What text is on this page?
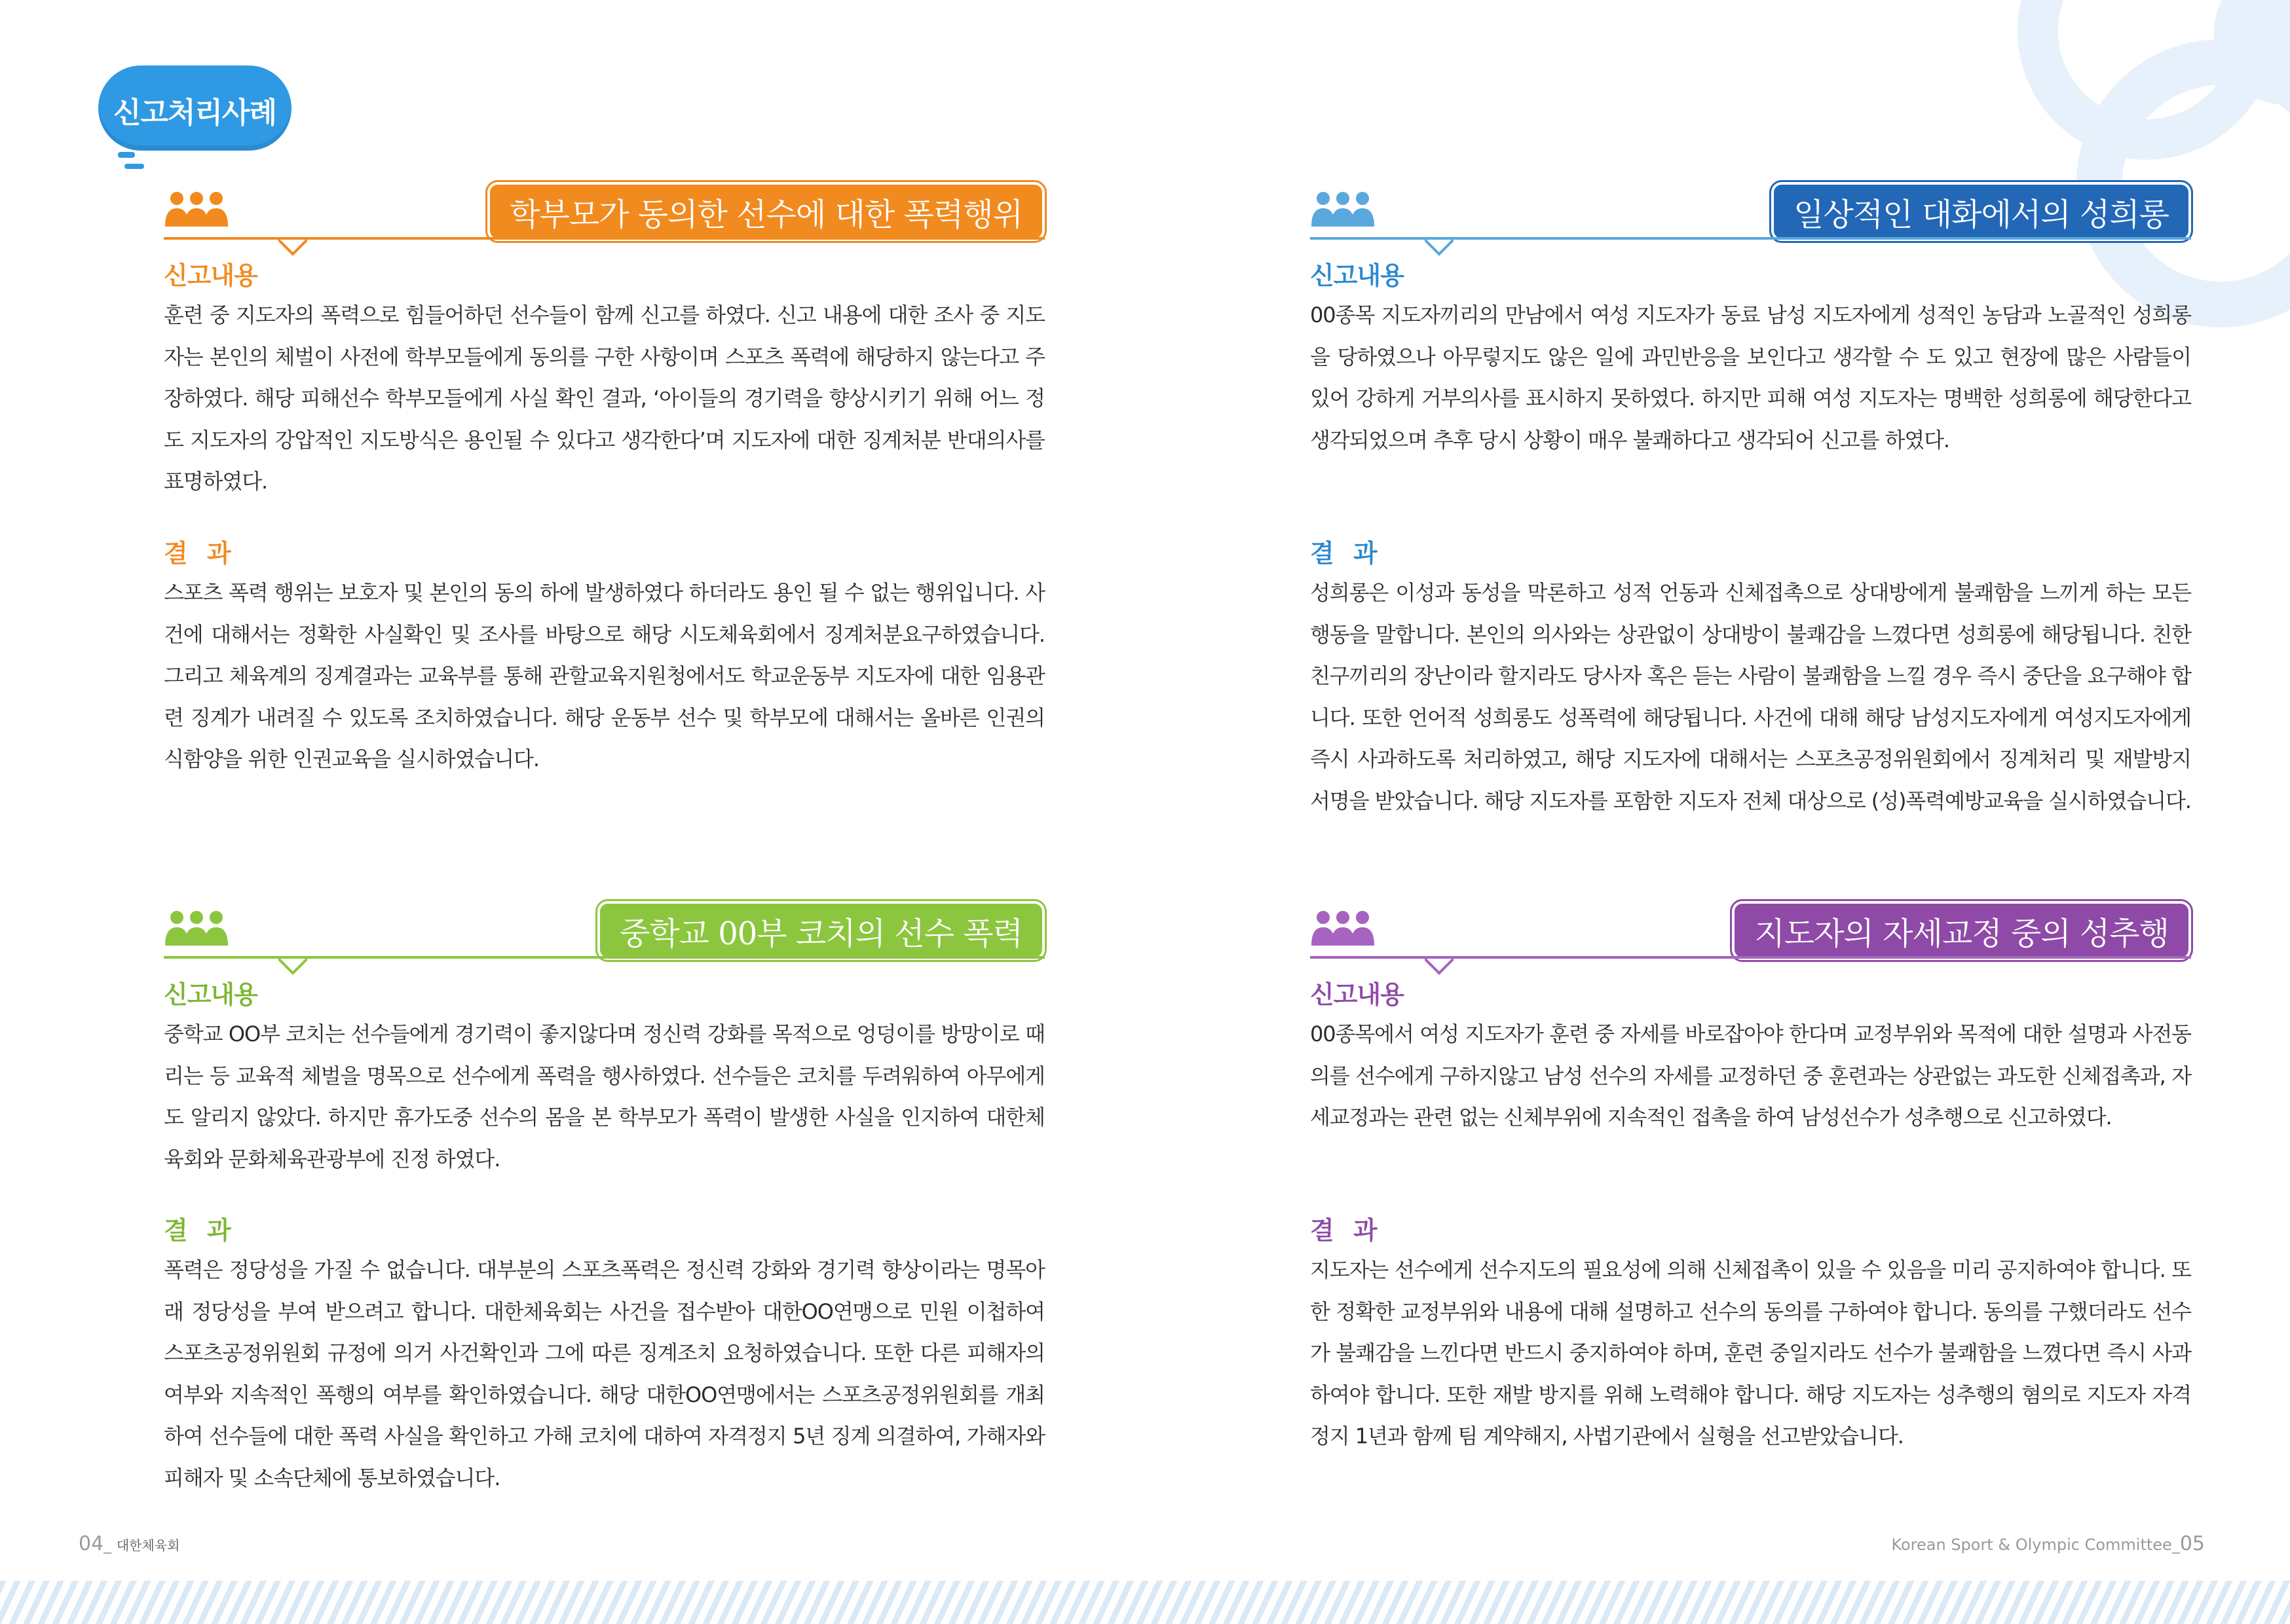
신고처리사례
학부모가 동의한 선수에 대한 폭력행위
신고내용

훈련 중 지도자의 폭력으로 힘들어하던 선수들이 함께 신고를 하였다. 신고 내용에 대한 조사 중 지도자는 본인의 체벌이 사전에 학부모들에게 동의를 구한 사항이며 스포츠 폭력에 해당하지 않는다고 주장하였다. 해당 피해선수 학부모들에게 사실 확인 결과, ‘아이들의 경기력을 향상시키기 위해 어느 정도 지도자의 강압적인 지도방식은 용인될 수 있다고 생각한다’며 지도자에 대한 징계처분 반대의사를 표명하였다.

결 과

스포츠 폭력 행위는 보호자 및 본인의 동의 하에 발생하였다 하더라도 용인 될 수 없는 행위입니다. 사건에 대해서는 정확한 사실확인 및 조사를 바탕으로 해당 시도체육회에서 징계처분요구하였습니다. 그리고 체육계의 징계결과는 교육부를 통해 관할교육지원청에서도 학교운동부 지도자에 대한 임용관련 징계가 내려질 수 있도록 조치하였습니다. 해당 운동부 선수 및 학부모에 대해서는 올바른 인권의식함양을 위한 인권교육을 실시하였습니다.

일상적인 대화에서의 성희롱
신고내용

00종목 지도자끼리의 만남에서 여성 지도자가 동료 남성 지도자에게 성적인 농담과 노골적인 성희롱을 당하였으나 아무렇지도 않은 일에 과민반응을 보인다고 생각할 수 도 있고 현장에 많은 사람들이 있어 강하게 거부의사를 표시하지 못하였다. 하지만 피해 여성 지도자는 명백한 성희롱에 해당한다고 생각되었으며 추후 당시 상황이 매우 불쾌하다고 생각되어 신고를 하였다.

결 과

성희롱은 이성과 동성을 막론하고 성적 언동과 신체접촉으로 상대방에게 불쾌함을 느끼게 하는 모든 행동을 말합니다. 본인의 의사와는 상관없이 상대방이 불쾌감을 느꼈다면 성희롱에 해당됩니다. 친한 친구끼리의 장난이라 할지라도 당사자 혹은 듣는 사람이 불쾌함을 느낄 경우 즉시 중단을 요구해야 합니다. 또한 언어적 성희롱도 성폭력에 해당됩니다. 사건에 대해 해당 남성지도자에게 여성지도자에게 즉시 사과하도록 처리하였고, 해당 지도자에 대해서는 스포츠공정위원회에서 징계처리 및 재발방지 서명을 받았습니다. 해당 지도자를 포함한 지도자 전체 대상으로 (성)폭력예방교육을 실시하였습니다.

중학교 00부 코치의 선수 폭력
신고내용

중학교 OO부 코치는 선수들에게 경기력이 좋지않다며 정신력 강화를 목적으로 엉덩이를 방망이로 때리는 등 교육적 체벌을 명목으로 선수에게 폭력을 행사하였다. 선수들은 코치를 두려워하여 아무에게도 알리지 않았다. 하지만 휴가도중 선수의 몸을 본 학부모가 폭력이 발생한 사실을 인지하여 대한체육회와 문화체육관광부에 진정 하였다.

결 과

폭력은 정당성을 가질 수 없습니다. 대부분의 스포츠폭력은 정신력 강화와 경기력 향상이라는 명목아래 정당성을 부여 받으려고 합니다. 대한체육회는 사건을 접수받아 대한OO연맹으로 민원 이첩하여 스포츠공정위원회 규정에 의거 사건확인과 그에 따른 징계조치 요청하였습니다. 또한 다른 피해자의 여부와 지속적인 폭행의 여부를 확인하였습니다. 해당 대한OO연맹에서는 스포츠공정위원회를 개최하여 선수들에 대한 폭력 사실을 확인하고 가해 코치에 대하여 자격정지 5년 징계 의결하여, 가해자와 피해자 및 소속단체에 통보하였습니다.

지도자의 자세교정 중의 성추행
신고내용

00종목에서 여성 지도자가 훈련 중 자세를 바로잡아야 한다며 교정부위와 목적에 대한 설명과 사전동의를 선수에게 구하지않고 남성 선수의 자세를 교정하던 중 훈련과는 상관없는 과도한 신체접촉과, 자세교정과는 관련 없는 신체부위에 지속적인 접촉을 하여 남성선수가 성추행으로 신고하였다.

결 과

지도자는 선수에게 선수지도의 필요성에 의해 신체접촉이 있을 수 있음을 미리 공지하여야 합니다. 또한 정확한 교정부위와 내용에 대해 설명하고 선수의 동의를 구하여야 합니다. 동의를 구했더라도 선수가 불쾌감을 느낀다면 반드시 중지하여야 하며, 훈련 중일지라도 선수가 불쾌함을 느꼈다면 즉시 사과하여야 합니다. 또한 재발 방지를 위해 노력해야 합니다. 해당 지도자는 성추행의 혐의로 지도자 자격정지 1년과 함께 팀 계약해지, 사법기관에서 실형을 선고받았습니다.

04_ 대한체육회	Korean Sport & Olympic Committee_05
